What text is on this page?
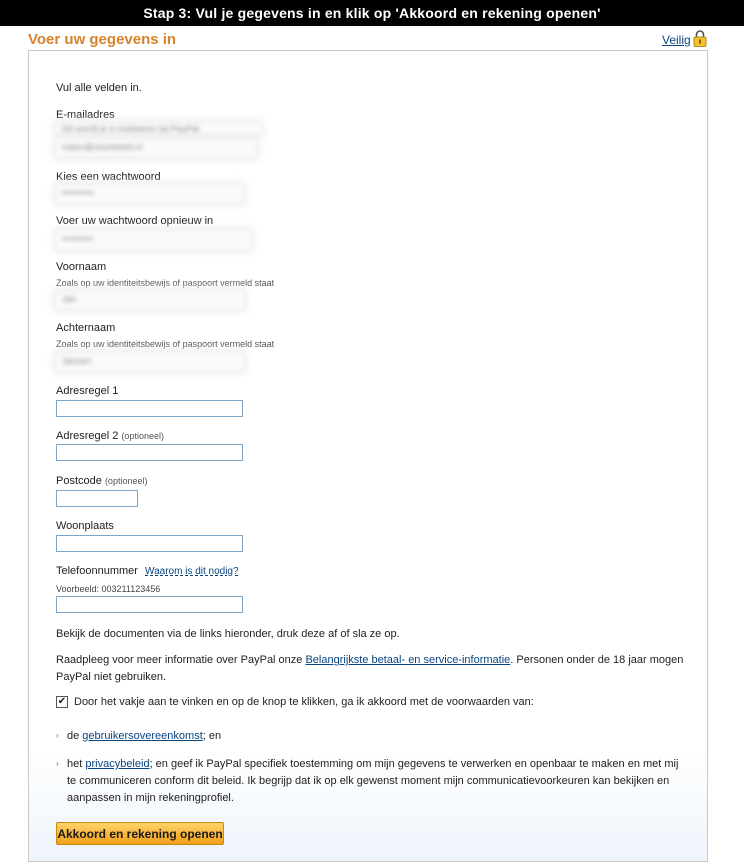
Stap 3: Vul je gegevens in en klik op 'Akkoord en rekening openen'
Voer uw gegevens in	Veilig
Vul alle velden in.
E-mailadres
Dit wordt je e-mailadres bij PayPal
naam@voorbeeld.nl
Kies een wachtwoord
••••••••••
Voer uw wachtwoord opnieuw in
••••••••••
Voornaam
Zoals op uw identiteitsbewijs of paspoort vermeld staat
Jan
Achternaam
Zoals op uw identiteitsbewijs of paspoort vermeld staat
Jansen
Adresregel 1
Adresregel 2 (optioneel)
Postcode (optioneel)
Woonplaats
Telefoonnummer Waarom is dit nodig?
Voorbeeld: 003211123456
Bekijk de documenten via de links hieronder, druk deze af of sla ze op.
Raadpleeg voor meer informatie over PayPal onze Belangrijkste betaal- en service-informatie. Personen onder de 18 jaar mogen PayPal niet gebruiken.
✔ Door het vakje aan te vinken en op de knop te klikken, ga ik akkoord met de voorwaarden van:
› de gebruikersovereenkomst; en
› het privacybeleid; en geef ik PayPal specifiek toestemming om mijn gegevens te verwerken en openbaar te maken en met mij te communiceren conform dit beleid. Ik begrijp dat ik op elk gewenst moment mijn communicatievoorkeuren kan bekijken en aanpassen in mijn rekeningprofiel.
Akkoord en rekening openen
